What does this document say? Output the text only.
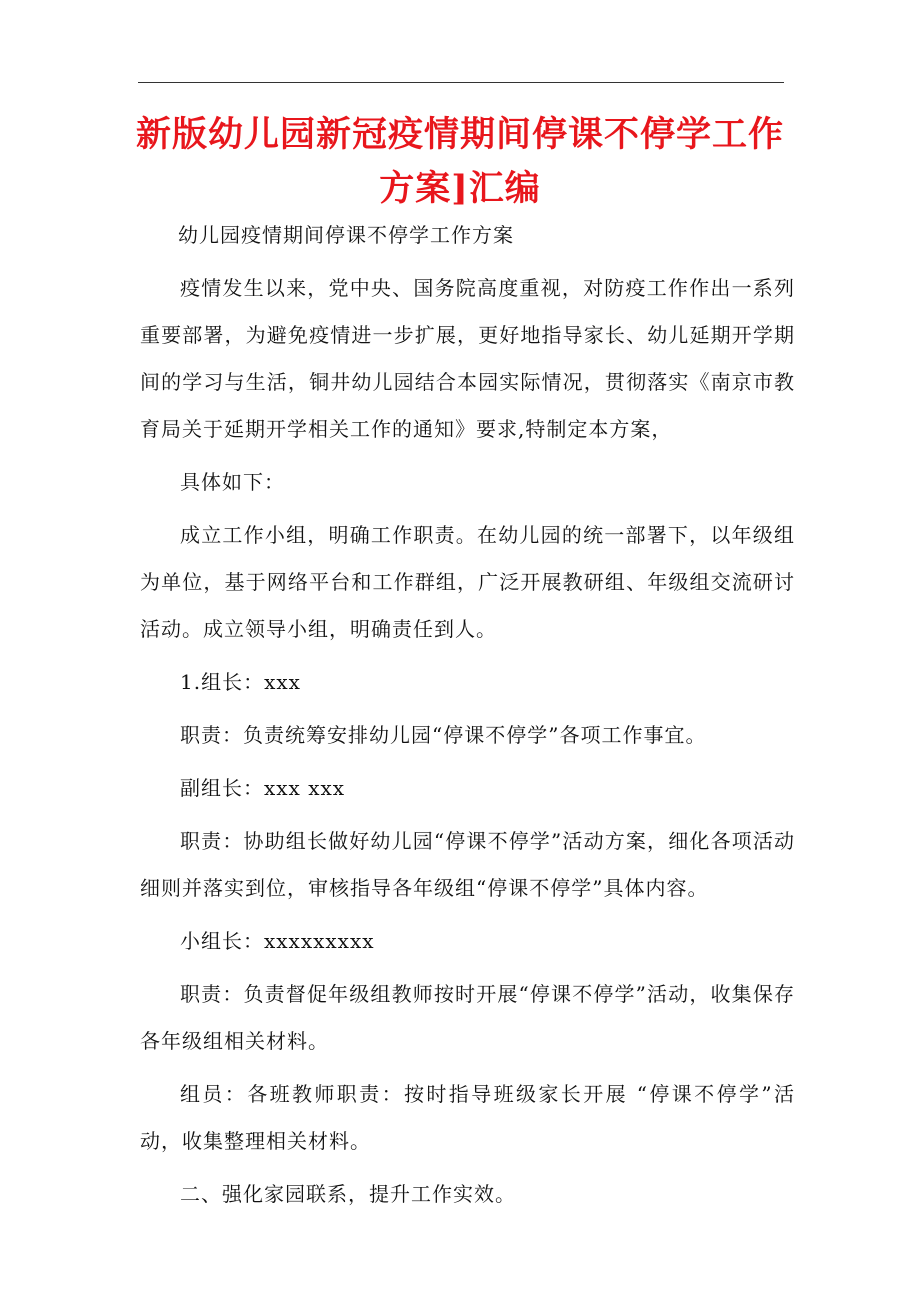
新版幼儿园新冠疫情期间停课不停学工作方案]汇编

幼儿园疫情期间停课不停学工作方案

疫情发生以来，党中央、国务院高度重视，对防疫工作作出一系列重要部署，为避免疫情进一步扩展，更好地指导家长、幼儿延期开学期间的学习与生活，铜井幼儿园结合本园实际情况，贯彻落实《南京市教育局关于延期开学相关工作的通知》要求,特制定本方案，

具体如下：

成立工作小组，明确工作职责。在幼儿园的统一部署下，以年级组为单位，基于网络平台和工作群组，广泛开展教研组、年级组交流研讨活动。成立领导小组，明确责任到人。

1.组长：xxx

职责：负责统筹安排幼儿园“停课不停学”各项工作事宜。

副组长：xxx xxx

职责：协助组长做好幼儿园“停课不停学”活动方案，细化各项活动细则并落实到位，审核指导各年级组“停课不停学”具体内容。

小组长：xxxxxxxxx

职责：负责督促年级组教师按时开展“停课不停学”活动，收集保存各年级组相关材料。

组员：各班教师职责：按时指导班级家长开展 “停课不停学”活动，收集整理相关材料。

二、强化家园联系，提升工作实效。
